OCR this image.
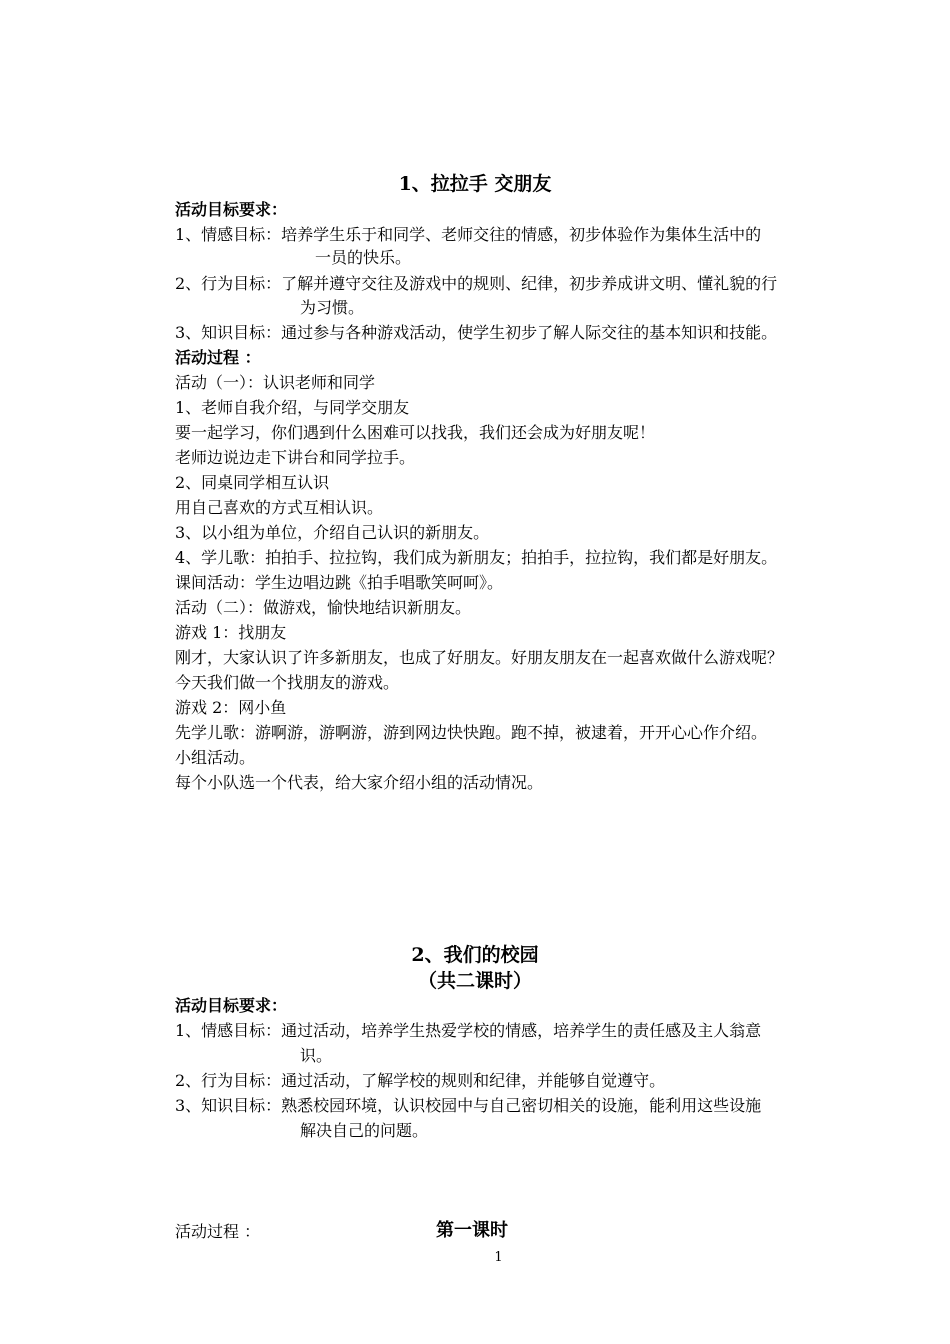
1、拉拉手 交朋友
活动目标要求：
1、情感目标：培养学生乐于和同学、老师交往的情感，初步体验作为集体生活中的
一员的快乐。
2、行为目标：了解并遵守交往及游戏中的规则、纪律，初步养成讲文明、懂礼貌的行
为习惯。
3、知识目标：通过参与各种游戏活动，使学生初步了解人际交往的基本知识和技能。
活动过程 ：
活动（一）：认识老师和同学
1、老师自我介绍，与同学交朋友
要一起学习，你们遇到什么困难可以找我，我们还会成为好朋友呢！
老师边说边走下讲台和同学拉手。
2、同桌同学相互认识
用自己喜欢的方式互相认识。
3、以小组为单位，介绍自己认识的新朋友。
4、学儿歌：拍拍手、拉拉钩，我们成为新朋友；拍拍手，拉拉钩，我们都是好朋友。
课间活动：学生边唱边跳《拍手唱歌笑呵呵》。
活动（二）：做游戏，愉快地结识新朋友。
游戏 1：找朋友
刚才，大家认识了许多新朋友，也成了好朋友。好朋友朋友在一起喜欢做什么游戏呢？
今天我们做一个找朋友的游戏。
游戏 2：网小鱼
先学儿歌：游啊游，游啊游，游到网边快快跑。跑不掉，被逮着，开开心心作介绍。
小组活动。
每个小队选一个代表，给大家介绍小组的活动情况。
2、我们的校园
（共二课时）
活动目标要求：
1、情感目标：通过活动，培养学生热爱学校的情感，培养学生的责任感及主人翁意
识。
2、行为目标：通过活动，了解学校的规则和纪律，并能够自觉遵守。
3、知识目标：熟悉校园环境，认识校园中与自己密切相关的设施，能利用这些设施
解决自己的问题。
活动过程 ：	第一课时
1
